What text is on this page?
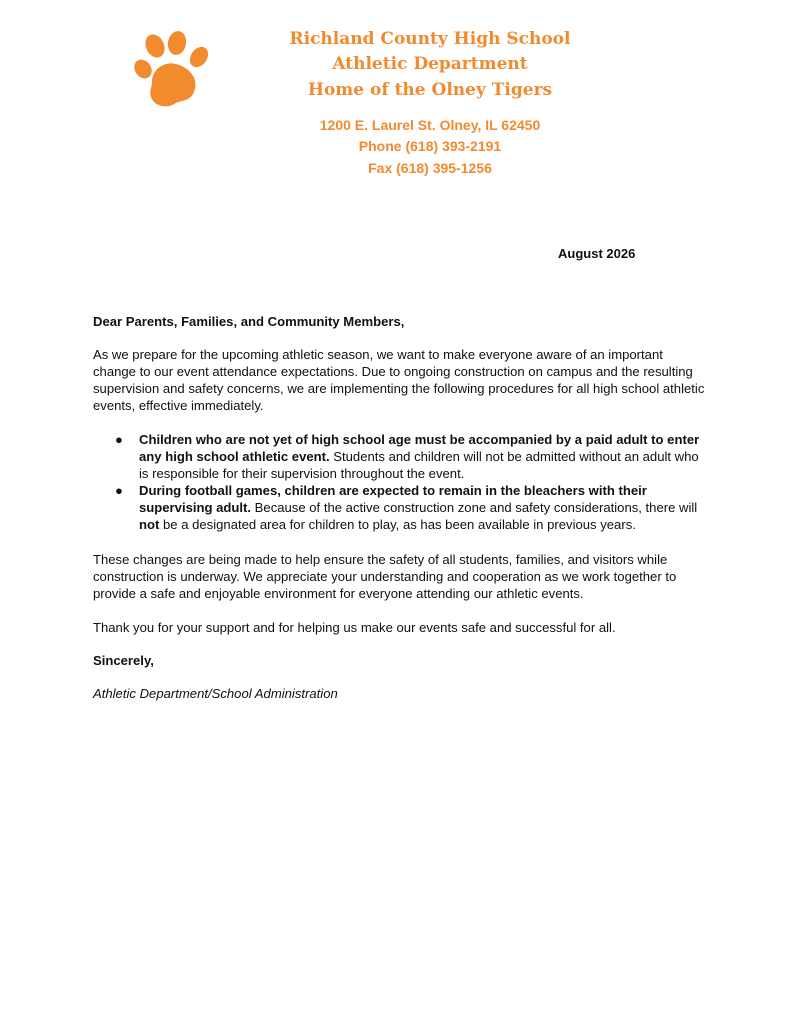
Richland County High School
Athletic Department
Home of the Olney Tigers
1200 E. Laurel St. Olney, IL 62450
Phone (618) 393-2191
Fax (618) 395-1256
August 2026
Dear Parents, Families, and Community Members,
As we prepare for the upcoming athletic season, we want to make everyone aware of an important change to our event attendance expectations. Due to ongoing construction on campus and the resulting supervision and safety concerns, we are implementing the following procedures for all high school athletic events, effective immediately.
● Children who are not yet of high school age must be accompanied by a paid adult to enter any high school athletic event. Students and children will not be admitted without an adult who is responsible for their supervision throughout the event.
● During football games, children are expected to remain in the bleachers with their supervising adult. Because of the active construction zone and safety considerations, there will not be a designated area for children to play, as has been available in previous years.
These changes are being made to help ensure the safety of all students, families, and visitors while construction is underway. We appreciate your understanding and cooperation as we work together to provide a safe and enjoyable environment for everyone attending our athletic events.
Thank you for your support and for helping us make our events safe and successful for all.
Sincerely,
Athletic Department/School Administration
